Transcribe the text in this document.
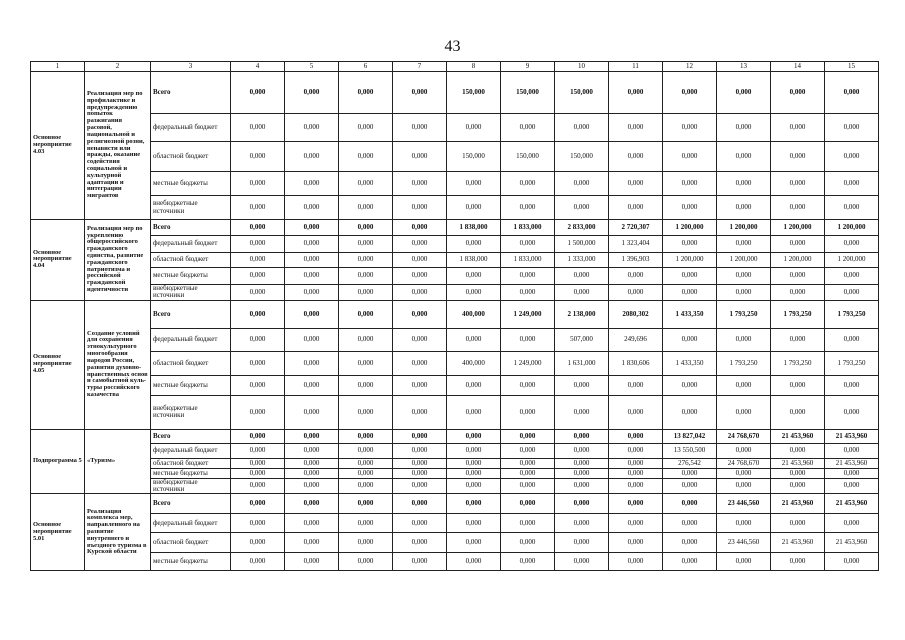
43
1	2	3	4	5	6	7	8	9	10	11	12	13	14	15
Основное мероприятие 4.03	Реализация мер по профилактике и предупреждению попыток разжигания расовой, национальной и религиозной розни, ненависти или вражды, оказание содействия социальной и культурной адаптации и интеграции мигрантов	Всего	0,000	0,000	0,000	0,000	150,000	150,000	150,000	0,000	0,000	0,000	0,000	0,000
		федеральный бюджет	0,000	0,000	0,000	0,000	0,000	0,000	0,000	0,000	0,000	0,000	0,000	0,000
		областной бюджет	0,000	0,000	0,000	0,000	150,000	150,000	150,000	0,000	0,000	0,000	0,000	0,000
		местные бюджеты	0,000	0,000	0,000	0,000	0,000	0,000	0,000	0,000	0,000	0,000	0,000	0,000
		внебюджетные источники	0,000	0,000	0,000	0,000	0,000	0,000	0,000	0,000	0,000	0,000	0,000	0,000
Основное мероприятие 4.04	Реализация мер по укреплению общероссийского гражданского единства, развитие гражданского патриотизма и российской гражданской идентичности	Всего	0,000	0,000	0,000	0,000	1 838,000	1 833,000	2 833,000	2 720,307	1 200,000	1 200,000	1 200,000	1 200,000
		федеральный бюджет	0,000	0,000	0,000	0,000	0,000	0,000	1 500,000	1 323,404	0,000	0,000	0,000	0,000
		областной бюджет	0,000	0,000	0,000	0,000	1 838,000	1 833,000	1 333,000	1 396,903	1 200,000	1 200,000	1 200,000	1 200,000
		местные бюджеты	0,000	0,000	0,000	0,000	0,000	0,000	0,000	0,000	0,000	0,000	0,000	0,000
		внебюджетные источники	0,000	0,000	0,000	0,000	0,000	0,000	0,000	0,000	0,000	0,000	0,000	0,000
Основное мероприятие 4.05	Создание условий для сохранения этнокультурного многообразия народов России, развития духовно-нравственных основ и самобытной куль- туры российского казачества	Всего	0,000	0,000	0,000	0,000	400,000	1 249,000	2 138,000	2080,302	1 433,350	1 793,250	1 793,250	1 793,250
		федеральный бюджет	0,000	0,000	0,000	0,000	0,000	0,000	507,000	249,696	0,000	0,000	0,000	0,000
		областной бюджет	0,000	0,000	0,000	0,000	400,000	1 249,000	1 631,000	1 830,606	1 433,350	1 793,250	1 793,250	1 793,250
		местные бюджеты	0,000	0,000	0,000	0,000	0,000	0,000	0,000	0,000	0,000	0,000	0,000	0,000
		внебюджетные источники	0,000	0,000	0,000	0,000	0,000	0,000	0,000	0,000	0,000	0,000	0,000	0,000
Подпрограмма 5	«Туризм»	Всего	0,000	0,000	0,000	0,000	0,000	0,000	0,000	0,000	13 827,042	24 768,670	21 453,960	21 453,960
		федеральный бюджет	0,000	0,000	0,000	0,000	0,000	0,000	0,000	0,000	13 550,500	0,000	0,000	0,000
		областной бюджет	0,000	0,000	0,000	0,000	0,000	0,000	0,000	0,000	276,542	24 768,670	21 453,960	21 453,960
		местные бюджеты	0,000	0,000	0,000	0,000	0,000	0,000	0,000	0,000	0,000	0,000	0,000	0,000
		внебюджетные источники	0,000	0,000	0,000	0,000	0,000	0,000	0,000	0,000	0,000	0,000	0,000	0,000
Основное мероприятие 5.01	Реализация комплекса мер, направленного на развитие внутреннего и въездного туризма в Курской области	Всего	0,000	0,000	0,000	0,000	0,000	0,000	0,000	0,000	0,000	23 446,560	21 453,960	21 453,960
		федеральный бюджет	0,000	0,000	0,000	0,000	0,000	0,000	0,000	0,000	0,000	0,000	0,000	0,000
		областной бюджет	0,000	0,000	0,000	0,000	0,000	0,000	0,000	0,000	0,000	23 446,560	21 453,960	21 453,960
		местные бюджеты	0,000	0,000	0,000	0,000	0,000	0,000	0,000	0,000	0,000	0,000	0,000	0,000
